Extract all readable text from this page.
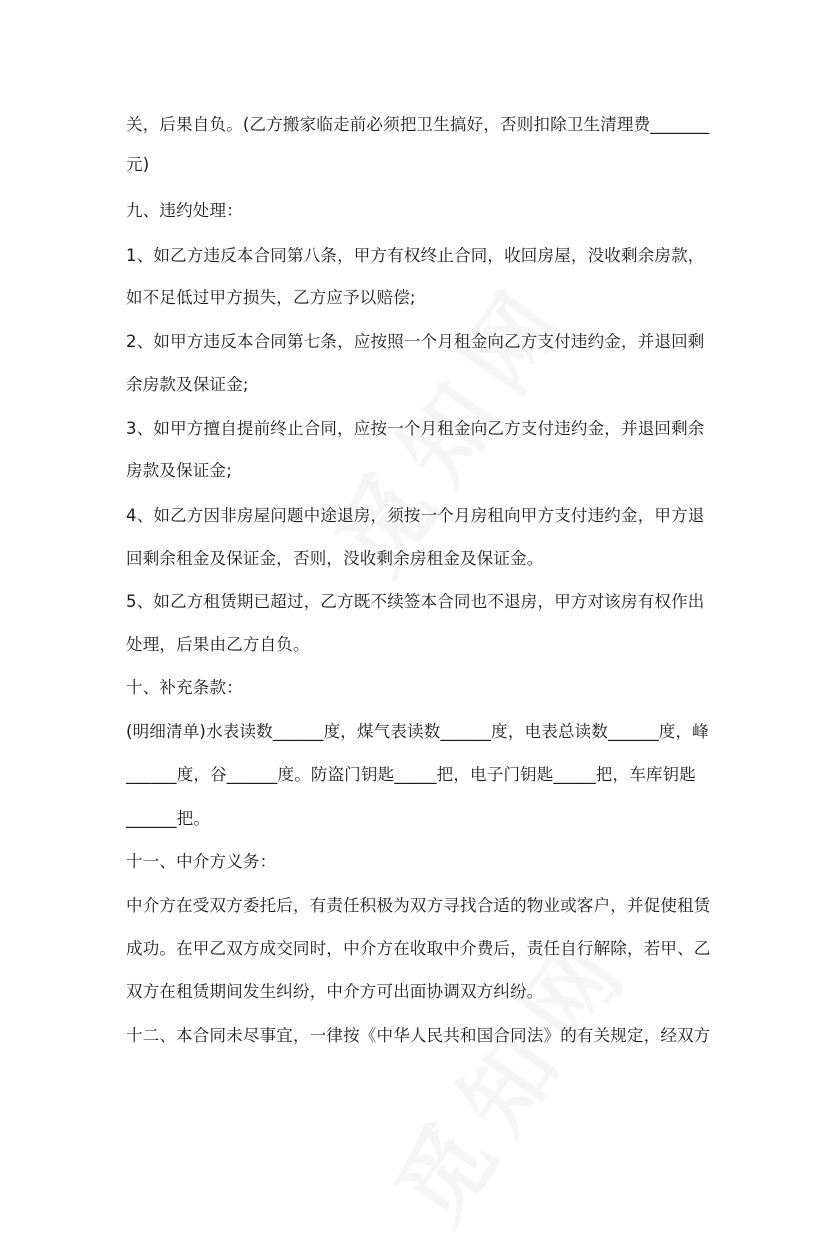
关，后果自负。(乙方搬家临走前必须把卫生搞好，否则扣除卫生清理费_______

元)

九、违约处理：

1、如乙方违反本合同第八条，甲方有权终止合同，收回房屋，没收剩余房款，

如不足低过甲方损失，乙方应予以赔偿;

2、如甲方违反本合同第七条，应按照一个月租金向乙方支付违约金，并退回剩

余房款及保证金;

3、如甲方擅自提前终止合同，应按一个月租金向乙方支付违约金，并退回剩余

房款及保证金;

4、如乙方因非房屋问题中途退房，须按一个月房租向甲方支付违约金，甲方退

回剩余租金及保证金，否则，没收剩余房租金及保证金。

5、如乙方租赁期已超过，乙方既不续签本合同也不退房，甲方对该房有权作出

处理，后果由乙方自负。

十、补充条款：

(明细清单)水表读数______度，煤气表读数______度，电表总读数______度，峰

______度，谷______度。防盗门钥匙_____把，电子门钥匙_____把，车库钥匙

______把。

十一、中介方义务：

中介方在受双方委托后，有责任积极为双方寻找合适的物业或客户，并促使租赁

成功。在甲乙双方成交同时，中介方在收取中介费后，责任自行解除，若甲、乙

双方在租赁期间发生纠纷，中介方可出面协调双方纠纷。

十二、本合同未尽事宜，一律按《中华人民共和国合同法》的有关规定，经双方
